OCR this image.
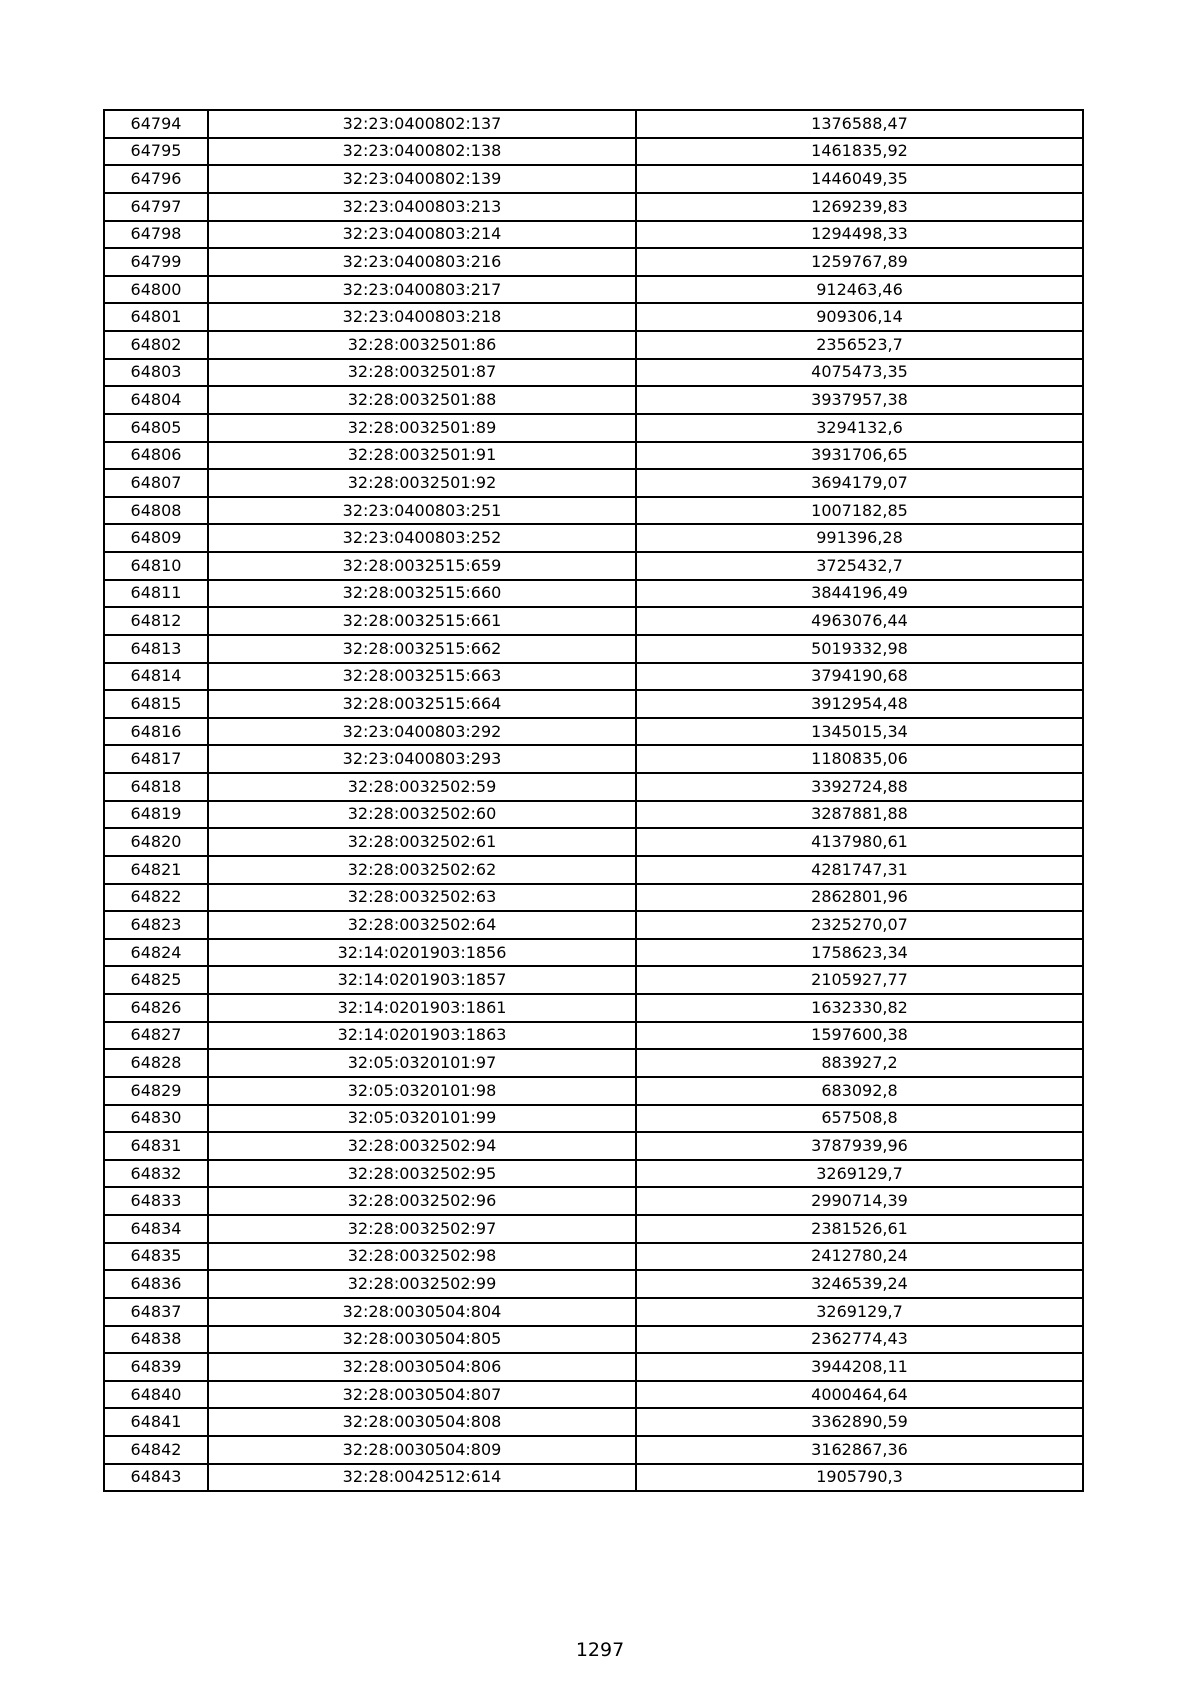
64794	32:23:0400802:137	1376588,47
64795	32:23:0400802:138	1461835,92
64796	32:23:0400802:139	1446049,35
64797	32:23:0400803:213	1269239,83
64798	32:23:0400803:214	1294498,33
64799	32:23:0400803:216	1259767,89
64800	32:23:0400803:217	912463,46
64801	32:23:0400803:218	909306,14
64802	32:28:0032501:86	2356523,7
64803	32:28:0032501:87	4075473,35
64804	32:28:0032501:88	3937957,38
64805	32:28:0032501:89	3294132,6
64806	32:28:0032501:91	3931706,65
64807	32:28:0032501:92	3694179,07
64808	32:23:0400803:251	1007182,85
64809	32:23:0400803:252	991396,28
64810	32:28:0032515:659	3725432,7
64811	32:28:0032515:660	3844196,49
64812	32:28:0032515:661	4963076,44
64813	32:28:0032515:662	5019332,98
64814	32:28:0032515:663	3794190,68
64815	32:28:0032515:664	3912954,48
64816	32:23:0400803:292	1345015,34
64817	32:23:0400803:293	1180835,06
64818	32:28:0032502:59	3392724,88
64819	32:28:0032502:60	3287881,88
64820	32:28:0032502:61	4137980,61
64821	32:28:0032502:62	4281747,31
64822	32:28:0032502:63	2862801,96
64823	32:28:0032502:64	2325270,07
64824	32:14:0201903:1856	1758623,34
64825	32:14:0201903:1857	2105927,77
64826	32:14:0201903:1861	1632330,82
64827	32:14:0201903:1863	1597600,38
64828	32:05:0320101:97	883927,2
64829	32:05:0320101:98	683092,8
64830	32:05:0320101:99	657508,8
64831	32:28:0032502:94	3787939,96
64832	32:28:0032502:95	3269129,7
64833	32:28:0032502:96	2990714,39
64834	32:28:0032502:97	2381526,61
64835	32:28:0032502:98	2412780,24
64836	32:28:0032502:99	3246539,24
64837	32:28:0030504:804	3269129,7
64838	32:28:0030504:805	2362774,43
64839	32:28:0030504:806	3944208,11
64840	32:28:0030504:807	4000464,64
64841	32:28:0030504:808	3362890,59
64842	32:28:0030504:809	3162867,36
64843	32:28:0042512:614	1905790,3
1297
